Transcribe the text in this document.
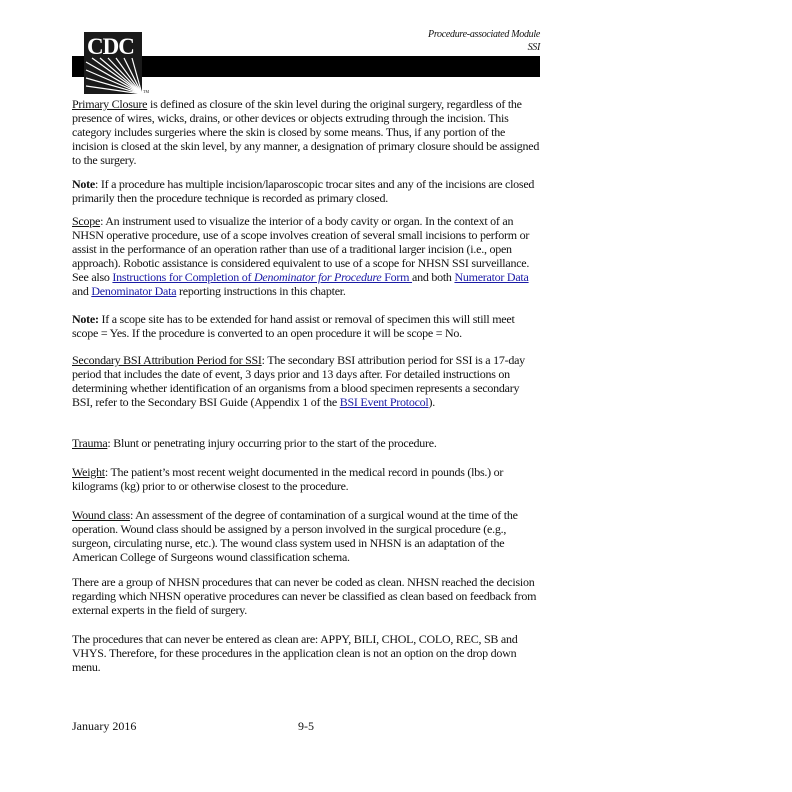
Procedure-associated Module
SSI
CDC
TM
Primary Closure is defined as closure of the skin level during the original surgery, regardless of the presence of wires, wicks, drains, or other devices or objects extruding through the incision. This category includes surgeries where the skin is closed by some means. Thus, if any portion of the incision is closed at the skin level, by any manner, a designation of primary closure should be assigned to the surgery.
Note: If a procedure has multiple incision/laparoscopic trocar sites and any of the incisions are closed primarily then the procedure technique is recorded as primary closed.
Scope: An instrument used to visualize the interior of a body cavity or organ. In the context of an NHSN operative procedure, use of a scope involves creation of several small incisions to perform or assist in the performance of an operation rather than use of a traditional larger incision (i.e., open approach). Robotic assistance is considered equivalent to use of a scope for NHSN SSI surveillance. See also Instructions for Completion of Denominator for Procedure Form and both Numerator Data and Denominator Data reporting instructions in this chapter.
Note: If a scope site has to be extended for hand assist or removal of specimen this will still meet scope = Yes. If the procedure is converted to an open procedure it will be scope = No.
Secondary BSI Attribution Period for SSI: The secondary BSI attribution period for SSI is a 17-day period that includes the date of event, 3 days prior and 13 days after. For detailed instructions on determining whether identification of an organisms from a blood specimen represents a secondary BSI, refer to the Secondary BSI Guide (Appendix 1 of the BSI Event Protocol).
Trauma: Blunt or penetrating injury occurring prior to the start of the procedure.
Weight: The patient’s most recent weight documented in the medical record in pounds (lbs.) or kilograms (kg) prior to or otherwise closest to the procedure.
Wound class: An assessment of the degree of contamination of a surgical wound at the time of the operation. Wound class should be assigned by a person involved in the surgical procedure (e.g., surgeon, circulating nurse, etc.). The wound class system used in NHSN is an adaptation of the American College of Surgeons wound classification schema.
There are a group of NHSN procedures that can never be coded as clean. NHSN reached the decision regarding which NHSN operative procedures can never be classified as clean based on feedback from external experts in the field of surgery.
The procedures that can never be entered as clean are: APPY, BILI, CHOL, COLO, REC, SB and VHYS. Therefore, for these procedures in the application clean is not an option on the drop down menu.
January 2016	9-5
